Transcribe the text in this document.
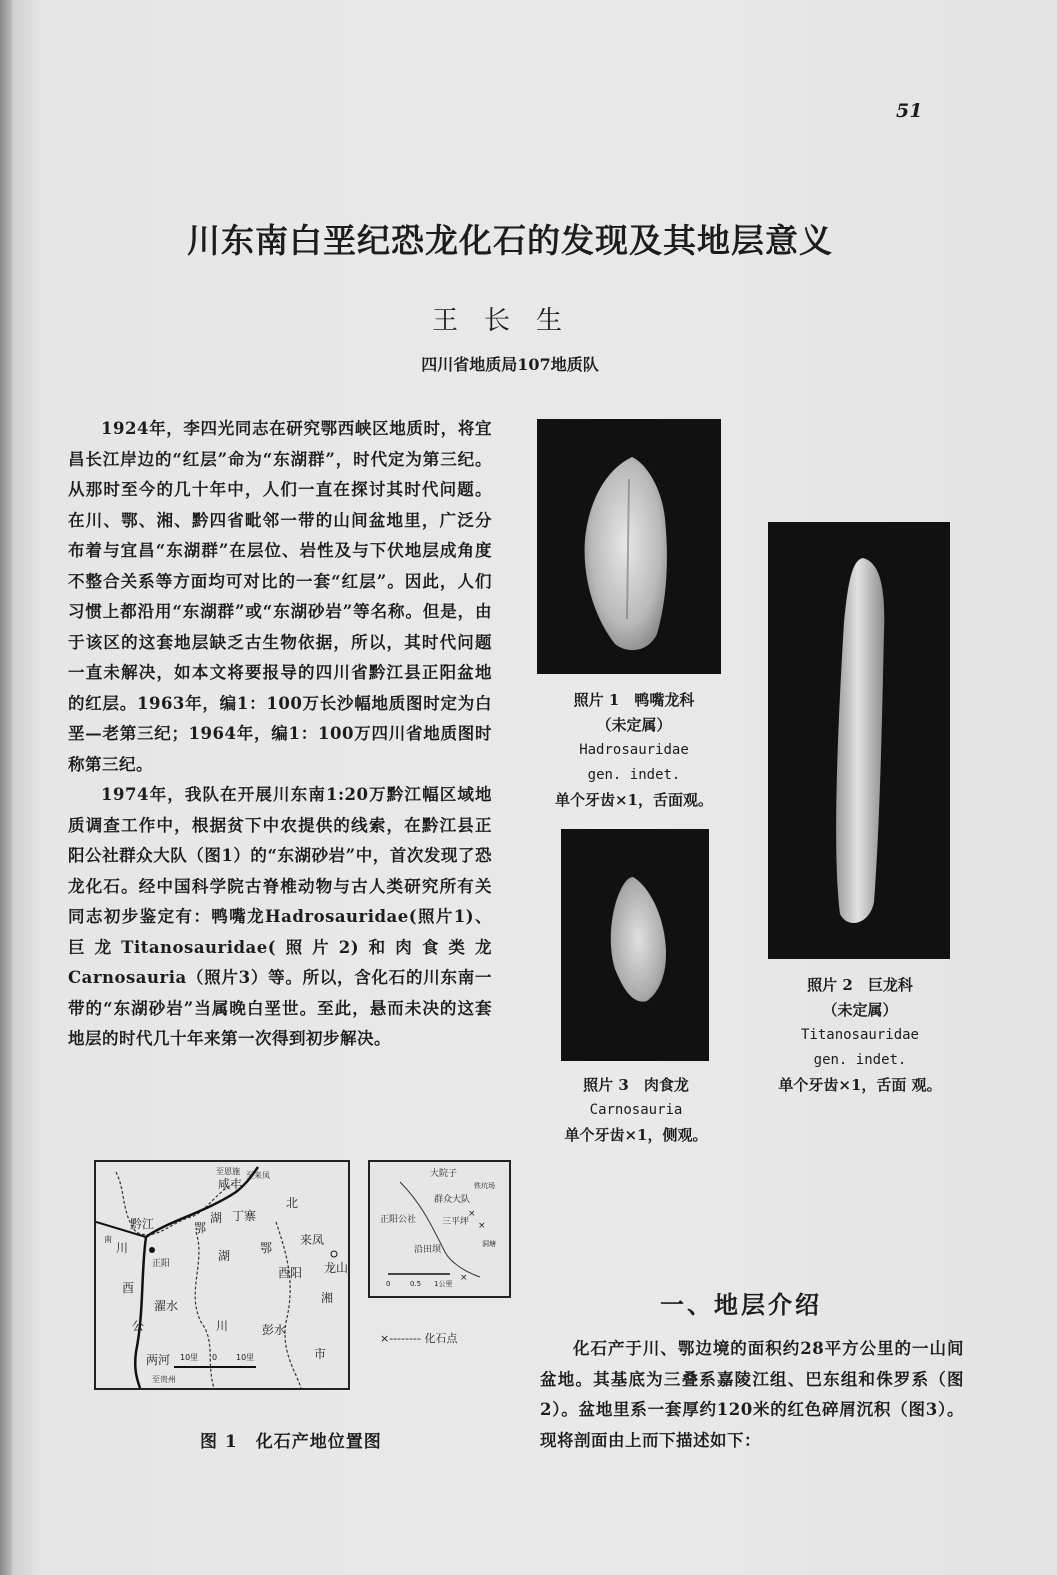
51
川东南白垩纪恐龙化石的发现及其地层意义
王长生
四川省地质局107地质队

1924年，李四光同志在研究鄂西峡区地质时，将宜昌长江岸边的“红层”命为“东湖群”，时代定为第三纪。从那时至今的几十年中，人们一直在探讨其时代问题。在川、鄂、湘、黔四省毗邻一带的山间盆地里，广泛分布着与宜昌“东湖群”在层位、岩性及与下伏地层成角度不整合关系等方面均可对比的一套“红层”。因此，人们习惯上都沿用“东湖群”或“东湖砂岩”等名称。但是，由于该区的这套地层缺乏古生物依据，所以，其时代问题一直未解决，如本文将要报导的四川省黔江县正阳盆地的红层。1963年，编1：100万长沙幅地质图时定为白垩—老第三纪；1964年，编1：100万四川省地质图时称第三纪。

1974年，我队在开展川东南1:20万黔江幅区域地质调查工作中，根据贫下中农提供的线索，在黔江县正阳公社群众大队（图1）的“东湖砂岩”中，首次发现了恐龙化石。经中国科学院古脊椎动物与古人类研究所有关同志初步鉴定有：鸭嘴龙Hadrosauridae(照片1)、巨龙Titanosauridae(照片2)和肉食类龙Carnosauria（照片3）等。所以，含化石的川东南一带的“东湖砂岩”当属晚白垩世。至此，悬而未决的这套地层的时代几十年来第一次得到初步解决。

照片 1　鸭嘴龙科
（未定属）
Hadrosauridae
gen. indet.
单个牙齿×1，舌面观。
照片 2　巨龙科
（未定属）
Titanosauridae
gen. indet.
单个牙齿×1，舌面 观。
照片 3　肉食龙
Carnosauria
单个牙齿×1，侧观。
至恩施
咸丰
至来凤
黔江	鄂
北
川
丁寨
来凤
正阳
湖
酉阳 龙山
濯水
川
鄂
湘
湖
彭水
公
两河
至贵州
10里 0 10里
南
酉
市
大院子
群众大队
正阳公社	三平坪
沿田坝
铁坑场
洞塘
0	0.5 1公里
×
×
×
×-------- 化石点
图 1　化石产地位置图
一、地层介绍

化石产于川、鄂边境的面积约28平方公里的一山间盆地。其基底为三叠系嘉陵江组、巴东组和侏罗系（图2）。盆地里系一套厚约120米的红色碎屑沉积（图3）。现将剖面由上而下描述如下：
